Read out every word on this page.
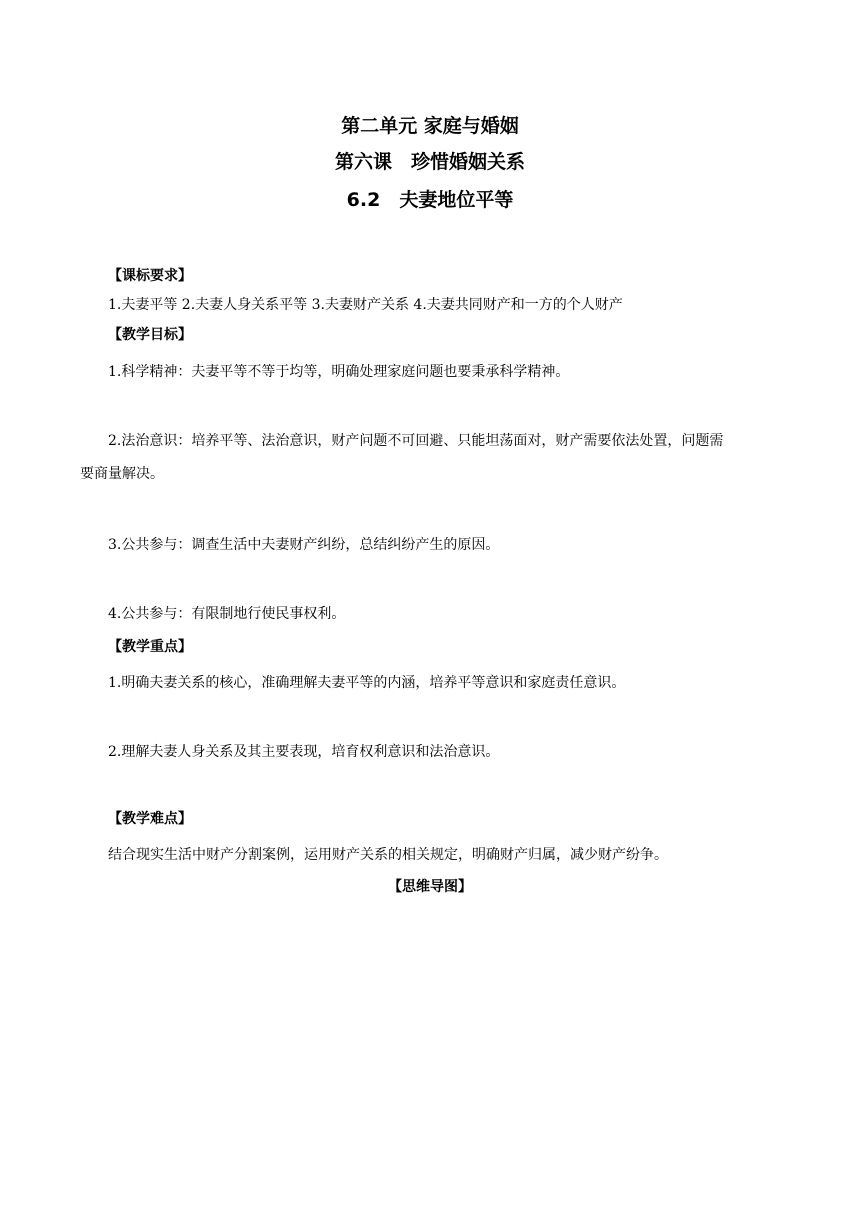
第二单元 家庭与婚姻
第六课　珍惜婚姻关系
6.2　夫妻地位平等

【课标要求】

1.夫妻平等 2.夫妻人身关系平等 3.夫妻财产关系 4.夫妻共同财产和一方的个人财产

【教学目标】

1.科学精神：夫妻平等不等于均等，明确处理家庭问题也要秉承科学精神。

2.法治意识：培养平等、法治意识，财产问题不可回避、只能坦荡面对，财产需要依法处置，问题需

要商量解决。

3.公共参与：调查生活中夫妻财产纠纷，总结纠纷产生的原因。

4.公共参与：有限制地行使民事权利。

【教学重点】

1.明确夫妻关系的核心，准确理解夫妻平等的内涵，培养平等意识和家庭责任意识。

2.理解夫妻人身关系及其主要表现，培育权利意识和法治意识。

【教学难点】

结合现实生活中财产分割案例，运用财产关系的相关规定，明确财产归属，减少财产纷争。

【思维导图】
